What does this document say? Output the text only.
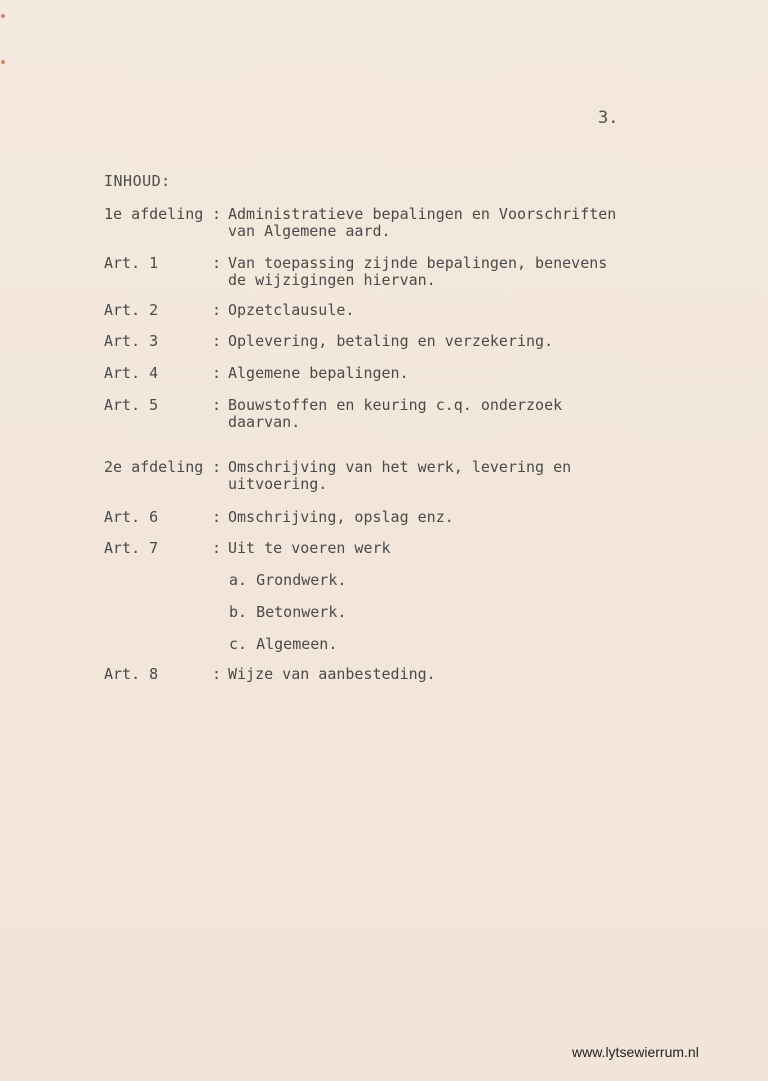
3.
INHOUD:
1e afdeling : Administratieve bepalingen en Voorschriften
van Algemene aard.
Art. 1	: Van toepassing zijnde bepalingen, benevens
de wijzigingen hiervan.
Art. 2	: Opzetclausule.
Art. 3	: Oplevering, betaling en verzekering.
Art. 4	: Algemene bepalingen.
Art. 5	: Bouwstoffen en keuring c.q. onderzoek
daarvan.
2e afdeling : Omschrijving van het werk, levering en
uitvoering.
Art. 6	: Omschrijving, opslag enz.
Art. 7	: Uit te voeren werk
a. Grondwerk.
b. Betonwerk.
c. Algemeen.
Art. 8	: Wijze van aanbesteding.
www.lytsewierrum.nl
